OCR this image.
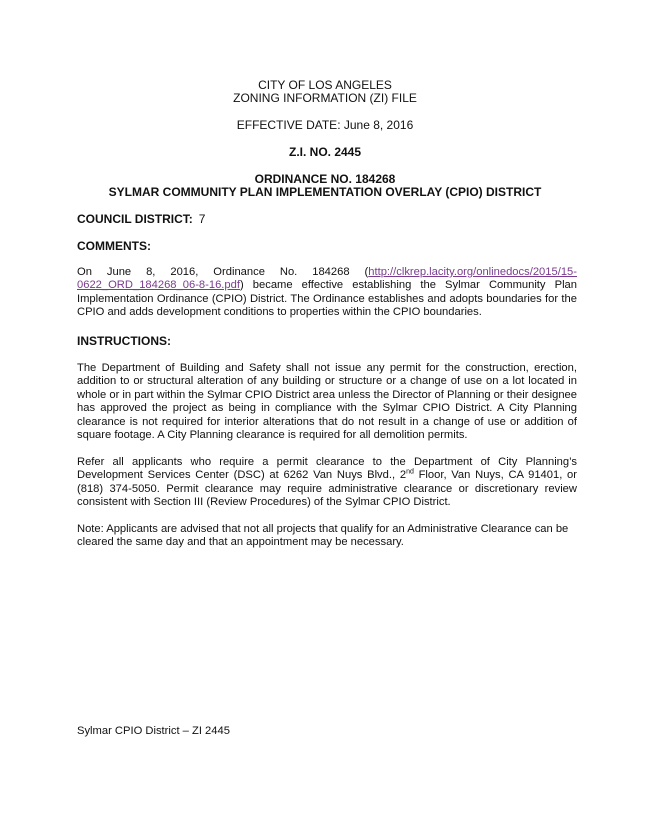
CITY OF LOS ANGELES
ZONING INFORMATION (ZI) FILE
EFFECTIVE DATE: June 8, 2016
Z.I. NO. 2445
ORDINANCE NO. 184268
SYLMAR COMMUNITY PLAN IMPLEMENTATION OVERLAY (CPIO) DISTRICT
COUNCIL DISTRICT: 7
COMMENTS:
On June 8, 2016, Ordinance No. 184268 (http://clkrep.lacity.org/onlinedocs/2015/15-0622_ORD_184268_06-8-16.pdf) became effective establishing the Sylmar Community Plan Implementation Ordinance (CPIO) District. The Ordinance establishes and adopts boundaries for the CPIO and adds development conditions to properties within the CPIO boundaries.
INSTRUCTIONS:
The Department of Building and Safety shall not issue any permit for the construction, erection, addition to or structural alteration of any building or structure or a change of use on a lot located in whole or in part within the Sylmar CPIO District area unless the Director of Planning or their designee has approved the project as being in compliance with the Sylmar CPIO District. A City Planning clearance is not required for interior alterations that do not result in a change of use or addition of square footage. A City Planning clearance is required for all demolition permits.
Refer all applicants who require a permit clearance to the Department of City Planning’s Development Services Center (DSC) at 6262 Van Nuys Blvd., 2nd Floor, Van Nuys, CA 91401, or (818) 374-5050. Permit clearance may require administrative clearance or discretionary review consistent with Section III (Review Procedures) of the Sylmar CPIO District.
Note: Applicants are advised that not all projects that qualify for an Administrative Clearance can be cleared the same day and that an appointment may be necessary.
Sylmar CPIO District – ZI 2445
